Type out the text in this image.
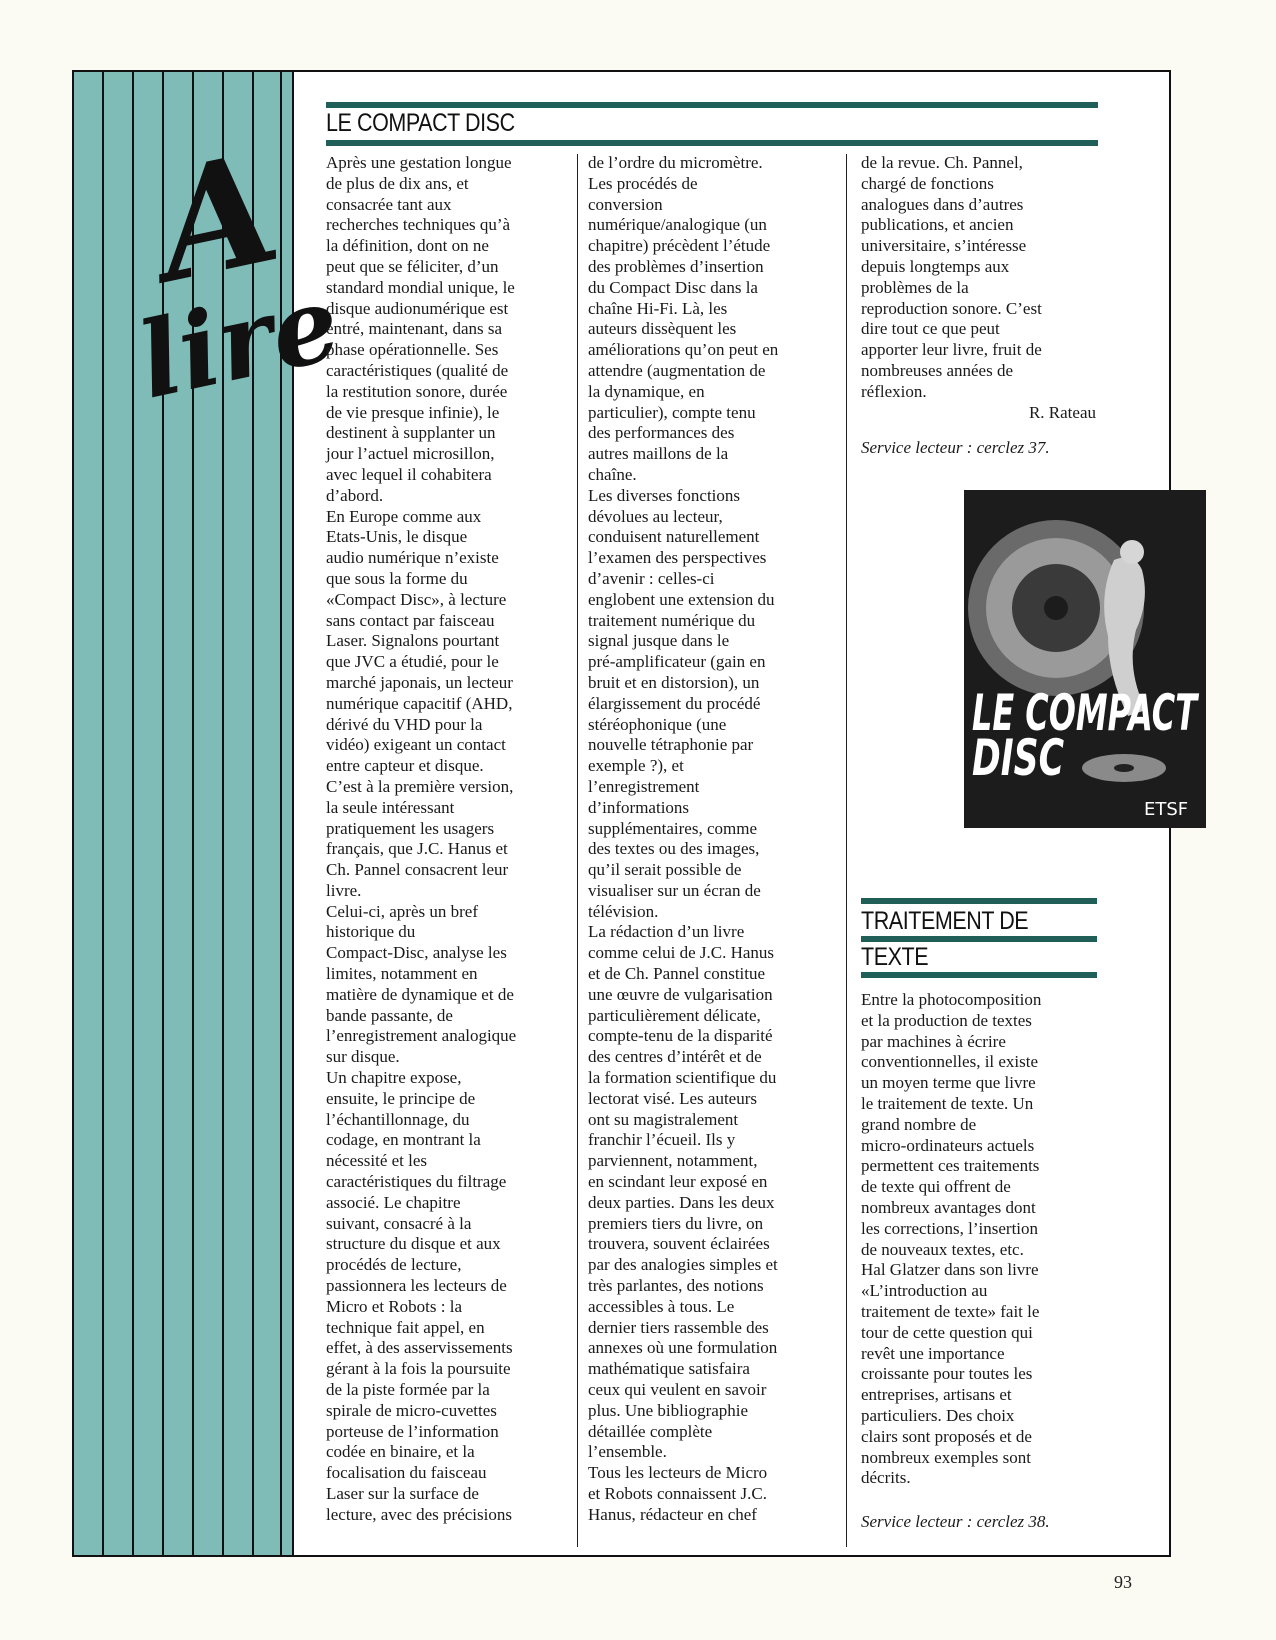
A
lire
LE COMPACT DISC
Après une gestation longue
de plus de dix ans, et
consacrée tant aux
recherches techniques qu’à
la définition, dont on ne
peut que se féliciter, d’un
standard mondial unique, le
disque audionumérique est
entré, maintenant, dans sa
phase opérationnelle. Ses
caractéristiques (qualité de
la restitution sonore, durée
de vie presque infinie), le
destinent à supplanter un
jour l’actuel microsillon,
avec lequel il cohabitera
d’abord.
En Europe comme aux
Etats-Unis, le disque
audio numérique n’existe
que sous la forme du
«Compact Disc», à lecture
sans contact par faisceau
Laser. Signalons pourtant
que JVC a étudié, pour le
marché japonais, un lecteur
numérique capacitif (AHD,
dérivé du VHD pour la
vidéo) exigeant un contact
entre capteur et disque.
C’est à la première version,
la seule intéressant
pratiquement les usagers
français, que J.C. Hanus et
Ch. Pannel consacrent leur
livre.
Celui-ci, après un bref
historique du
Compact-Disc, analyse les
limites, notamment en
matière de dynamique et de
bande passante, de
l’enregistrement analogique
sur disque.
Un chapitre expose,
ensuite, le principe de
l’échantillonnage, du
codage, en montrant la
nécessité et les
caractéristiques du filtrage
associé. Le chapitre
suivant, consacré à la
structure du disque et aux
procédés de lecture,
passionnera les lecteurs de
Micro et Robots : la
technique fait appel, en
effet, à des asservissements
gérant à la fois la poursuite
de la piste formée par la
spirale de micro-cuvettes
porteuse de l’information
codée en binaire, et la
focalisation du faisceau
Laser sur la surface de
lecture, avec des précisions
de l’ordre du micromètre.
Les procédés de
conversion
numérique/analogique (un
chapitre) précèdent l’étude
des problèmes d’insertion
du Compact Disc dans la
chaîne Hi-Fi. Là, les
auteurs dissèquent les
améliorations qu’on peut en
attendre (augmentation de
la dynamique, en
particulier), compte tenu
des performances des
autres maillons de la
chaîne.
Les diverses fonctions
dévolues au lecteur,
conduisent naturellement
l’examen des perspectives
d’avenir : celles-ci
englobent une extension du
traitement numérique du
signal jusque dans le
pré-amplificateur (gain en
bruit et en distorsion), un
élargissement du procédé
stéréophonique (une
nouvelle tétraphonie par
exemple ?), et
l’enregistrement
d’informations
supplémentaires, comme
des textes ou des images,
qu’il serait possible de
visualiser sur un écran de
télévision.
La rédaction d’un livre
comme celui de J.C. Hanus
et de Ch. Pannel constitue
une œuvre de vulgarisation
particulièrement délicate,
compte-tenu de la disparité
des centres d’intérêt et de
la formation scientifique du
lectorat visé. Les auteurs
ont su magistralement
franchir l’écueil. Ils y
parviennent, notamment,
en scindant leur exposé en
deux parties. Dans les deux
premiers tiers du livre, on
trouvera, souvent éclairées
par des analogies simples et
très parlantes, des notions
accessibles à tous. Le
dernier tiers rassemble des
annexes où une formulation
mathématique satisfaira
ceux qui veulent en savoir
plus. Une bibliographie
détaillée complète
l’ensemble.
Tous les lecteurs de Micro
et Robots connaissent J.C.
Hanus, rédacteur en chef
de la revue. Ch. Pannel,
chargé de fonctions
analogues dans d’autres
publications, et ancien
universitaire, s’intéresse
depuis longtemps aux
problèmes de la
reproduction sonore. C’est
dire tout ce que peut
apporter leur livre, fruit de
nombreuses années de
réflexion.
R. Rateau
Service lecteur : cerclez 37.
LE COMPACT
DISC
ETSF
TRAITEMENT DE
TEXTE
Entre la photocomposition
et la production de textes
par machines à écrire
conventionnelles, il existe
un moyen terme que livre
le traitement de texte. Un
grand nombre de
micro-ordinateurs actuels
permettent ces traitements
de texte qui offrent de
nombreux avantages dont
les corrections, l’insertion
de nouveaux textes, etc.
Hal Glatzer dans son livre
«L’introduction au
traitement de texte» fait le
tour de cette question qui
revêt une importance
croissante pour toutes les
entreprises, artisans et
particuliers. Des choix
clairs sont proposés et de
nombreux exemples sont
décrits.
Service lecteur : cerclez 38.
93
